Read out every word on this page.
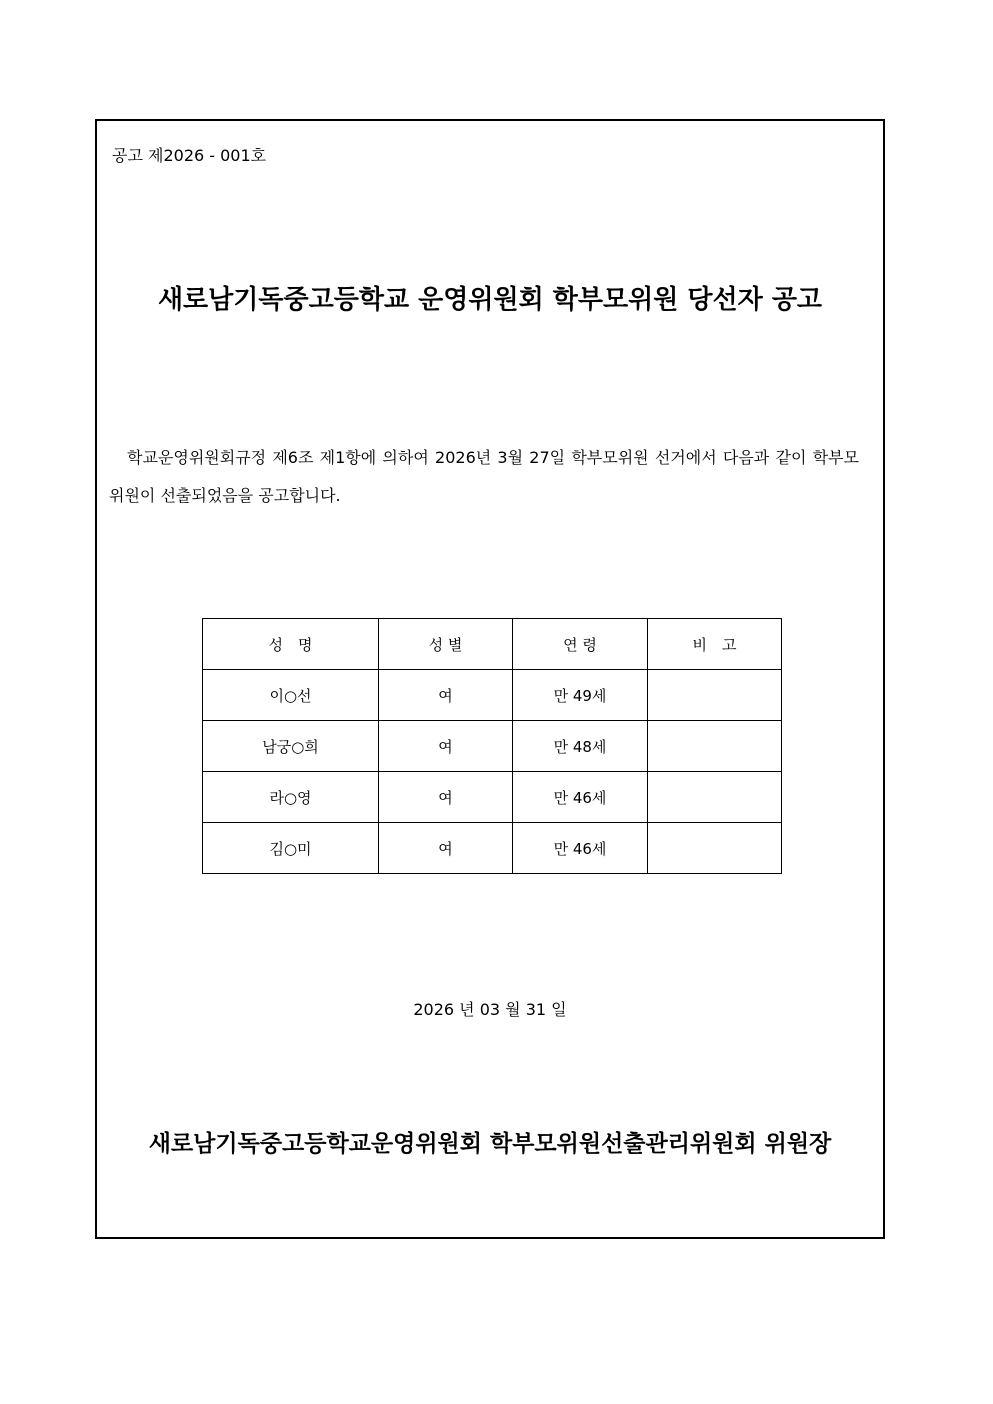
공고 제2026 - 001호
새로남기독중고등학교 운영위원회 학부모위원 당선자 공고
학교운영위원회규정 제6조 제1항에 의하여 2026년 3월 27일 학부모위원 선거에서 다음과 같이 학부모위원이 선출되었음을 공고합니다.
성　명	성 별	연 령	비　고
이○선	여	만 49세	
남궁○희	여	만 48세	
라○영	여	만 46세	
김○미	여	만 46세	
2026 년 03 월 31 일
새로남기독중고등학교운영위원회 학부모위원선출관리위원회 위원장
